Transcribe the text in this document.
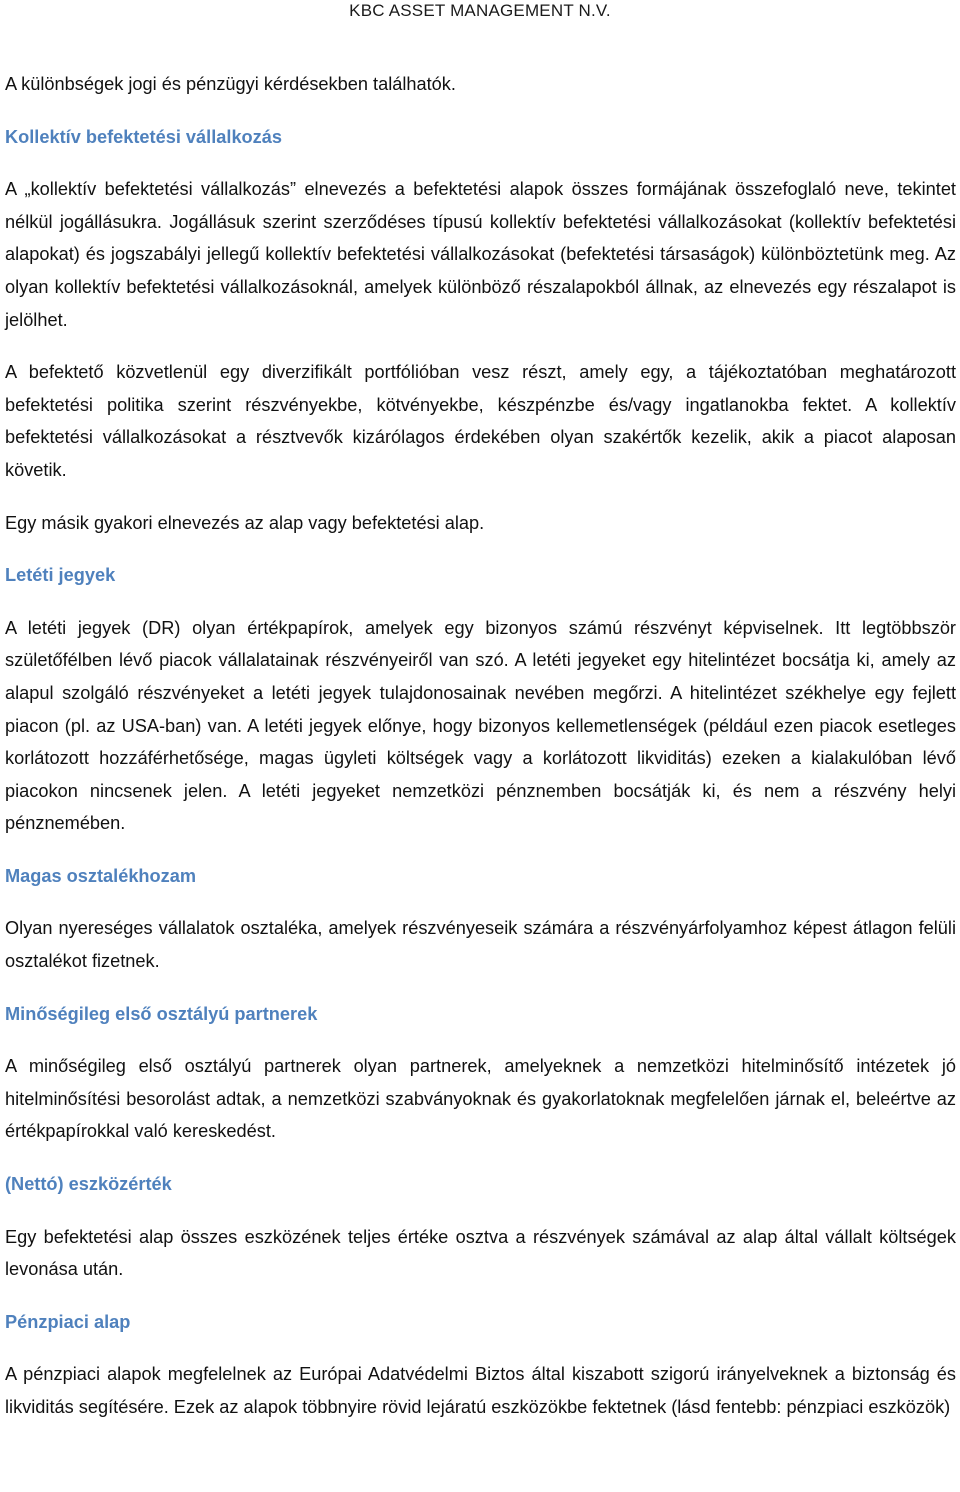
KBC ASSET MANAGEMENT N.V.

A különbségek jogi és pénzügyi kérdésekben találhatók.

Kollektív befektetési vállalkozás

A „kollektív befektetési vállalkozás” elnevezés a befektetési alapok összes formájának összefoglaló neve, tekintet nélkül jogállásukra. Jogállásuk szerint szerződéses típusú kollektív befektetési vállalkozásokat (kollektív befektetési alapokat) és jogszabályi jellegű kollektív befektetési vállalkozásokat (befektetési társaságok) különböztetünk meg. Az olyan kollektív befektetési vállalkozásoknál, amelyek különböző részalapokból állnak, az elnevezés egy részalapot is jelölhet.

A befektető közvetlenül egy diverzifikált portfólióban vesz részt, amely egy, a tájékoztatóban meghatározott befektetési politika szerint részvényekbe, kötvényekbe, készpénzbe és/vagy ingatlanokba fektet. A kollektív befektetési vállalkozásokat a résztvevők kizárólagos érdekében olyan szakértők kezelik, akik a piacot alaposan követik.

Egy másik gyakori elnevezés az alap vagy befektetési alap.

Letéti jegyek

A letéti jegyek (DR) olyan értékpapírok, amelyek egy bizonyos számú részvényt képviselnek. Itt legtöbbször születőfélben lévő piacok vállalatainak részvényeiről van szó. A letéti jegyeket egy hitelintézet bocsátja ki, amely az alapul szolgáló részvényeket a letéti jegyek tulajdonosainak nevében megőrzi. A hitelintézet székhelye egy fejlett piacon (pl. az USA-ban) van. A letéti jegyek előnye, hogy bizonyos kellemetlenségek (például ezen piacok esetleges korlátozott hozzáférhetősége, magas ügyleti költségek vagy a korlátozott likviditás) ezeken a kialakulóban lévő piacokon nincsenek jelen. A letéti jegyeket nemzetközi pénznemben bocsátják ki, és nem a részvény helyi pénznemében.

Magas osztalékhozam

Olyan nyereséges vállalatok osztaléka, amelyek részvényeseik számára a részvényárfolyamhoz képest átlagon felüli osztalékot fizetnek.

Minőségileg első osztályú partnerek

A minőségileg első osztályú partnerek olyan partnerek, amelyeknek a nemzetközi hitelminősítő intézetek jó hitelminősítési besorolást adtak, a nemzetközi szabványoknak és gyakorlatoknak megfelelően járnak el, beleértve az értékpapírokkal való kereskedést.

(Nettó) eszközérték

Egy befektetési alap összes eszközének teljes értéke osztva a részvények számával az alap által vállalt költségek levonása után.

Pénzpiaci alap

A pénzpiaci alapok megfelelnek az Európai Adatvédelmi Biztos által kiszabott szigorú irányelveknek a biztonság és likviditás segítésére. Ezek az alapok többnyire rövid lejáratú eszközökbe fektetnek (lásd fentebb: pénzpiaci eszközök)
